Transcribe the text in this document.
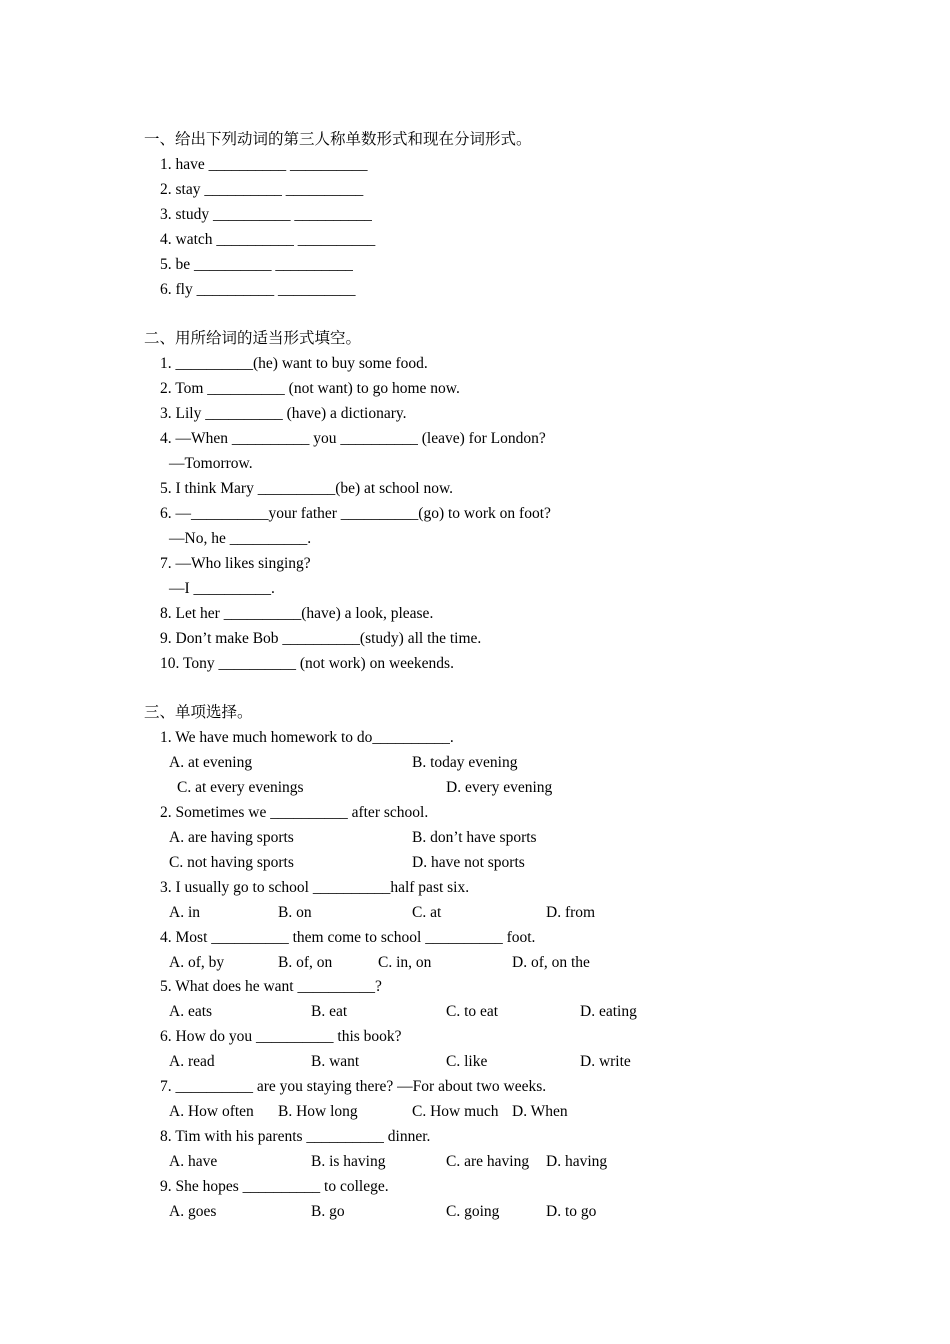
一、给出下列动词的第三人称单数形式和现在分词形式。
1. have __________ __________
2. stay __________ __________
3. study __________ __________
4. watch __________ __________
5. be __________ __________
6. fly __________ __________
二、用所给词的适当形式填空。
1. __________(he) want to buy some food.
2. Tom __________ (not want) to go home now.
3. Lily __________ (have) a dictionary.
4. —When __________ you __________ (leave) for London?
—Tomorrow.
5. I think Mary __________(be) at school now.
6. —__________your father __________(go) to work on foot?
—No, he __________.
7. —Who likes singing?
—I __________.
8. Let her __________(have) a look, please.
9. Don’t make Bob __________(study) all the time.
10. Tony __________ (not work) on weekends.
三、单项选择。
1. We have much homework to do__________.
A. at evening	B. today evening
C. at every evenings	D. every evening
2. Sometimes we __________ after school.
A. are having sports	B. don’t have sports
C. not having sports	D. have not sports
3. I usually go to school __________half past six.
A. in	B. on	C. at	D. from
4. Most __________ them come to school __________ foot.
A. of, by	B. of, on	C. in, on	D. of, on the
5. What does he want __________?
A. eats	B. eat	C. to eat	D. eating
6. How do you __________ this book?
A. read	B. want	C. like	D. write
7. __________ are you staying there? —For about two weeks.
A. How often B. How long	C. How much D. When
8. Tim with his parents __________ dinner.
A. have	B. is having	C. are having D. having
9. She hopes __________ to college.
A. goes	B. go	C. going	D. to go
